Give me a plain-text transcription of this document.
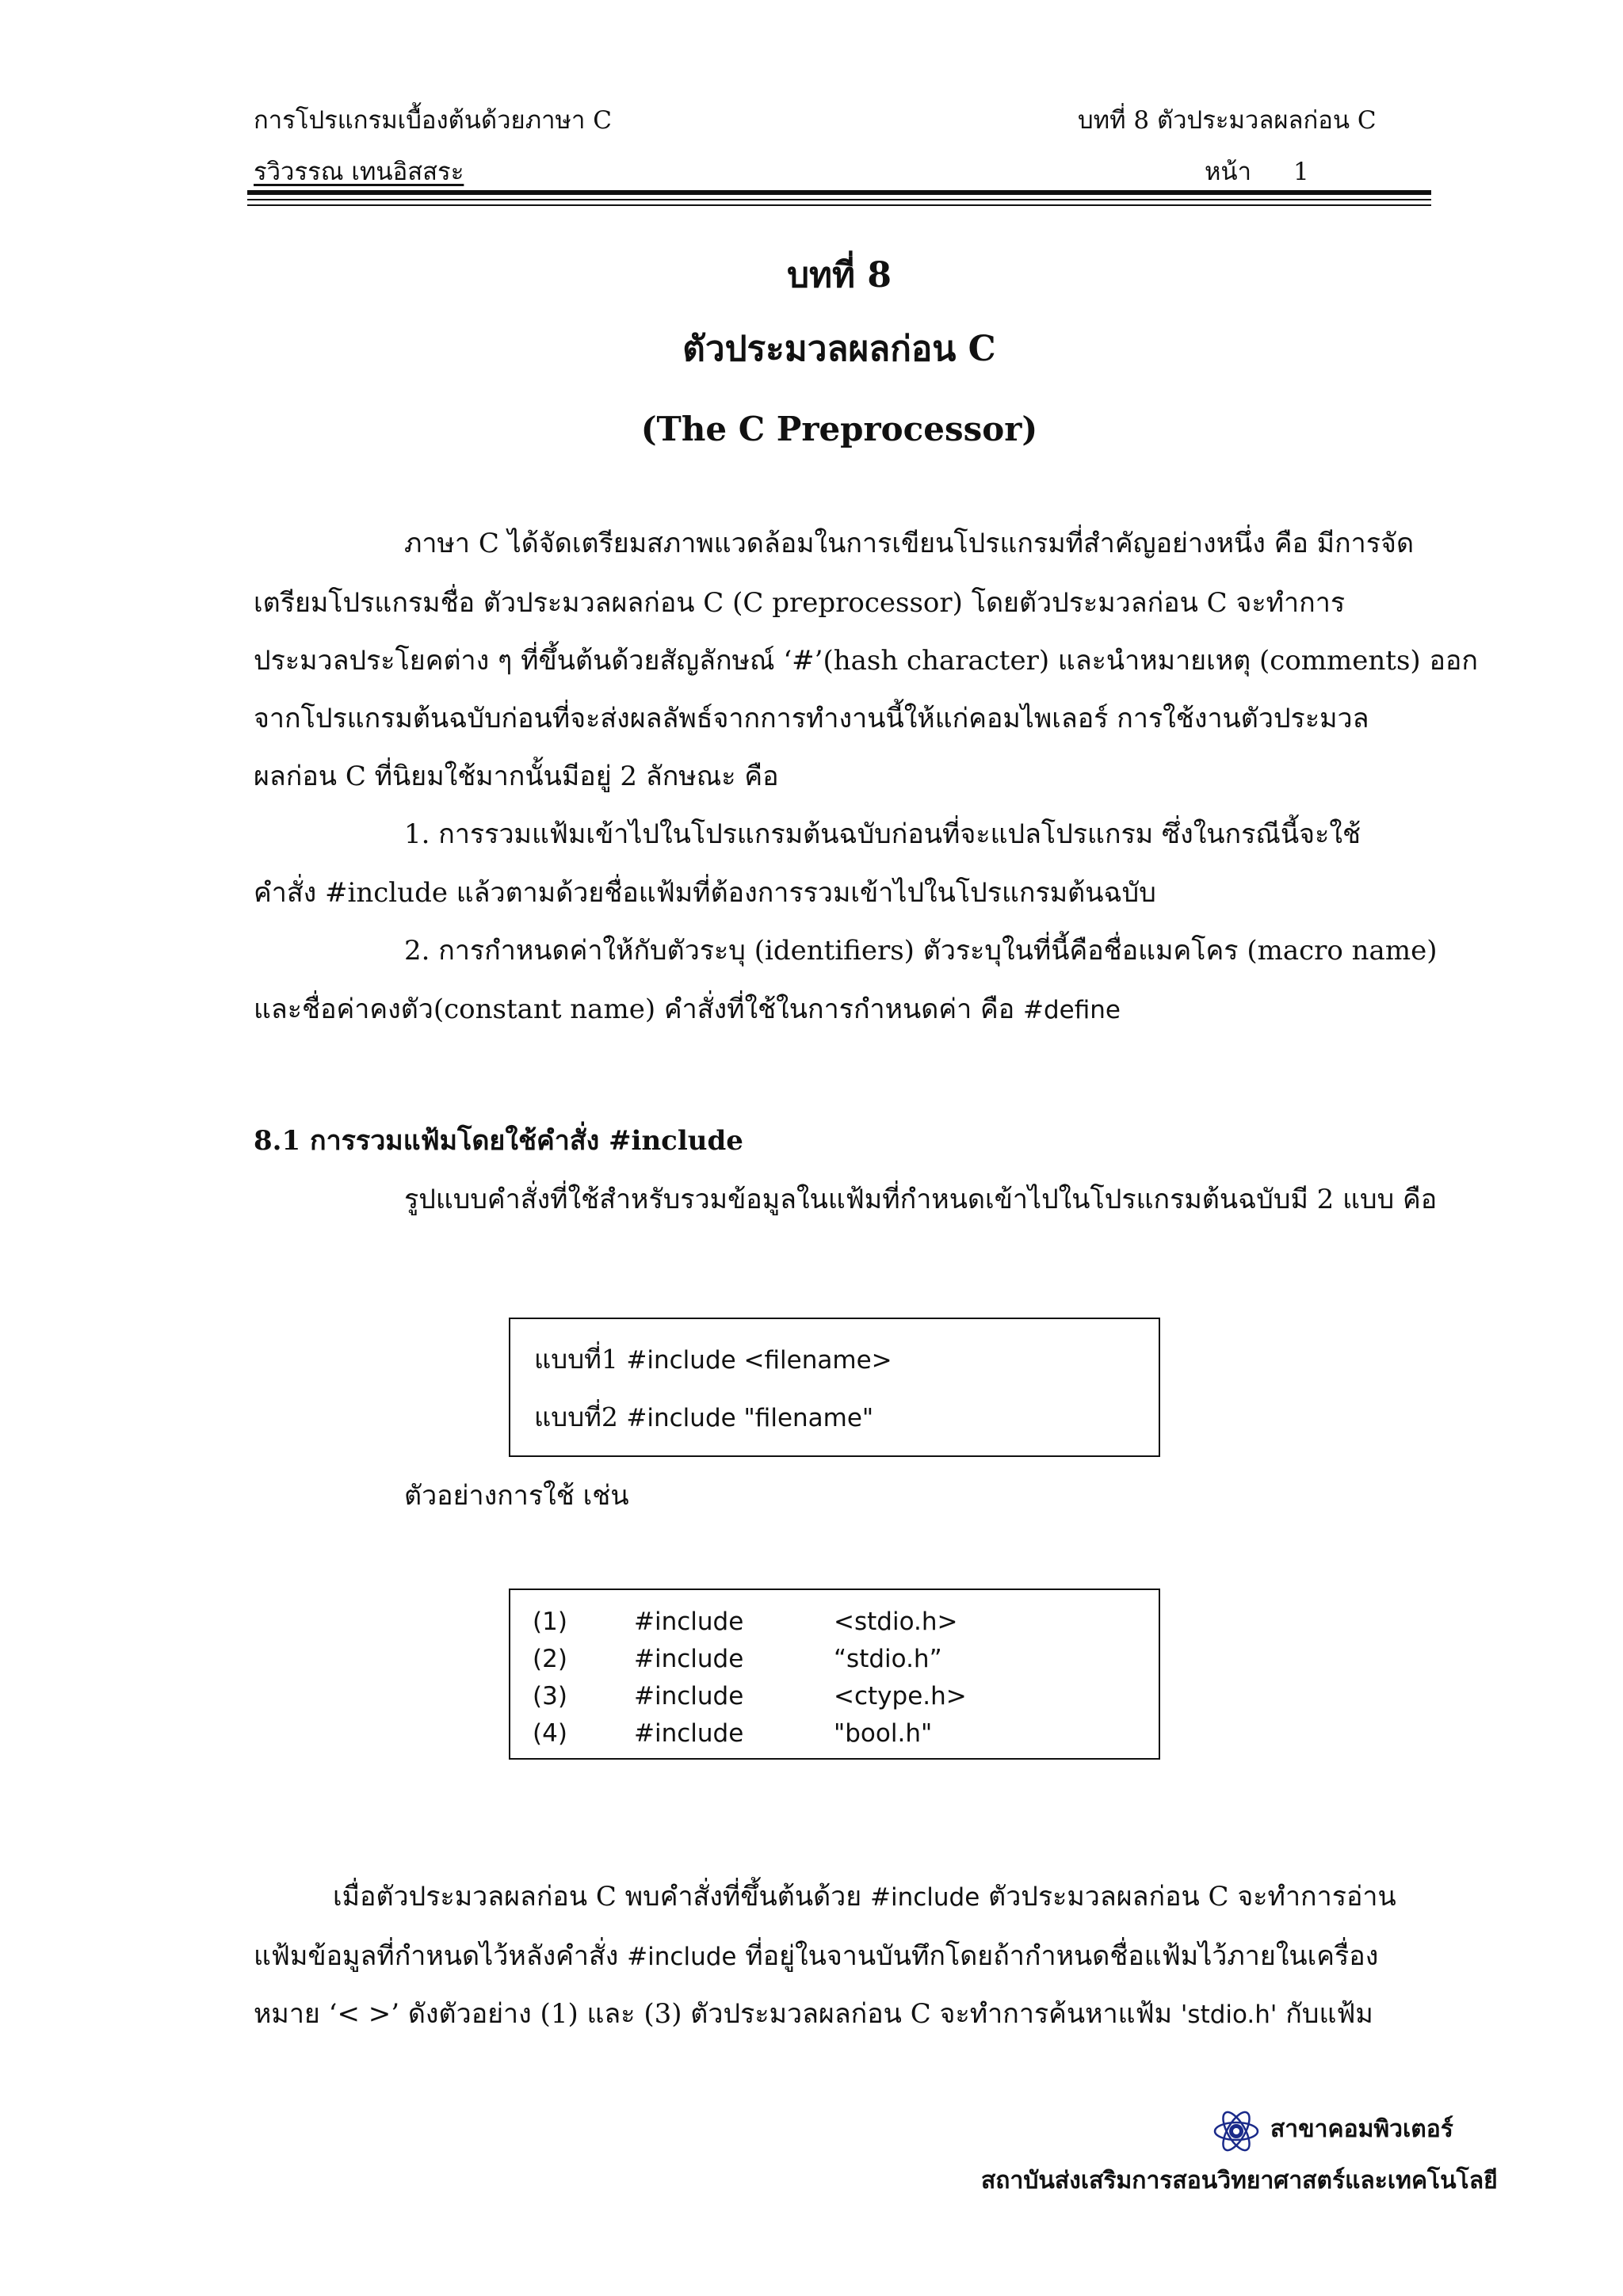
การโปรแกรมเบื้องต้นด้วยภาษา C
รวิวรรณ เทนอิสสระ
บทที่ 8 ตัวประมวลผลก่อน C
หน้า 1
บทที่ 8
ตัวประมวลผลก่อน C
(The C Preprocessor)
ภาษา C ได้จัดเตรียมสภาพแวดล้อมในการเขียนโปรแกรมที่สำคัญอย่างหนึ่ง คือ มีการจัด
เตรียมโปรแกรมชื่อ ตัวประมวลผลก่อน C (C preprocessor) โดยตัวประมวลก่อน C จะทำการ
ประมวลประโยคต่าง ๆ ที่ขึ้นต้นด้วยสัญลักษณ์ ‘#’(hash character) และนำหมายเหตุ (comments) ออก
จากโปรแกรมต้นฉบับก่อนที่จะส่งผลลัพธ์จากการทำงานนี้ให้แก่คอมไพเลอร์ การใช้งานตัวประมวล
ผลก่อน C ที่นิยมใช้มากนั้นมีอยู่ 2 ลักษณะ คือ
1. การรวมแฟ้มเข้าไปในโปรแกรมต้นฉบับก่อนที่จะแปลโปรแกรม ซึ่งในกรณีนี้จะใช้
คำสั่ง #include แล้วตามด้วยชื่อแฟ้มที่ต้องการรวมเข้าไปในโปรแกรมต้นฉบับ
2. การกำหนดค่าให้กับตัวระบุ (identifiers) ตัวระบุในที่นี้คือชื่อแมคโคร (macro name)
และชื่อค่าคงตัว(constant name) คำสั่งที่ใช้ในการกำหนดค่า คือ #define
8.1 การรวมแฟ้มโดยใช้คำสั่ง #include
รูปแบบคำสั่งที่ใช้สำหรับรวมข้อมูลในแฟ้มที่กำหนดเข้าไปในโปรแกรมต้นฉบับมี 2 แบบ คือ
แบบที่1 #include <filename>
แบบที่2 #include "filename"
ตัวอย่างการใช้ เช่น
(1)	#include	<stdio.h>
(2)	#include	“stdio.h”
(3)	#include	<ctype.h>
(4)	#include	"bool.h"
เมื่อตัวประมวลผลก่อน C พบคำสั่งที่ขึ้นต้นด้วย #include ตัวประมวลผลก่อน C จะทำการอ่าน
แฟ้มข้อมูลที่กำหนดไว้หลังคำสั่ง #include ที่อยู่ในจานบันทึกโดยถ้ากำหนดชื่อแฟ้มไว้ภายในเครื่อง
หมาย ‘< >’ ดังตัวอย่าง (1) และ (3) ตัวประมวลผลก่อน C จะทำการค้นหาแฟ้ม 'stdio.h' กับแฟ้ม
สาขาคอมพิวเตอร์
สถาบันส่งเสริมการสอนวิทยาศาสตร์และเทคโนโลยี
